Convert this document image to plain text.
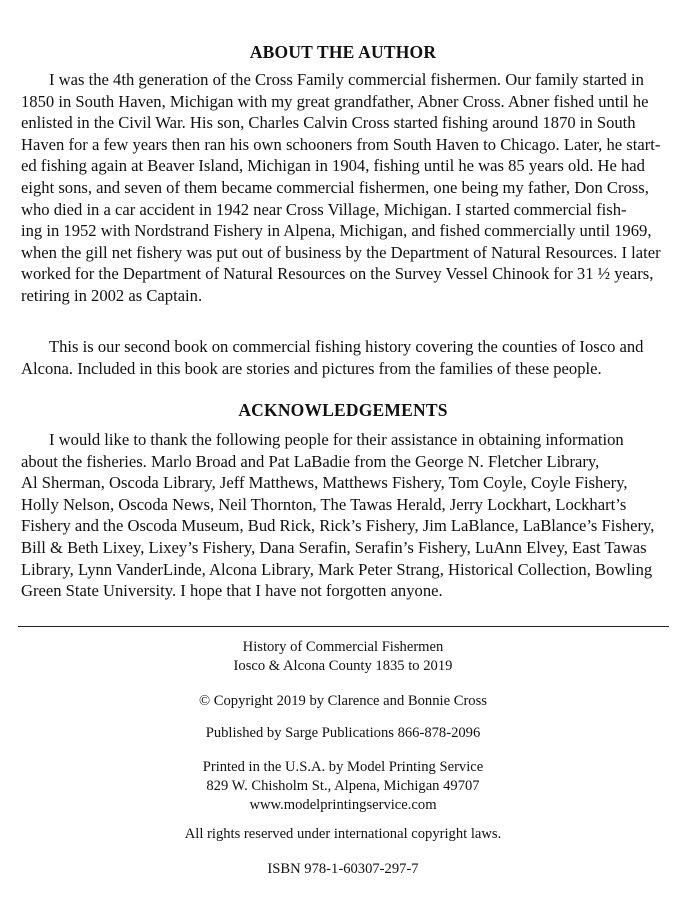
ABOUT THE AUTHOR
I was the 4th generation of the Cross Family commercial fishermen. Our family started in
1850 in South Haven, Michigan with my great grandfather, Abner Cross. Abner fished until he
enlisted in the Civil War. His son, Charles Calvin Cross started fishing around 1870 in South
Haven for a few years then ran his own schooners from South Haven to Chicago. Later, he start-
ed fishing again at Beaver Island, Michigan in 1904, fishing until he was 85 years old. He had
eight sons, and seven of them became commercial fishermen, one being my father, Don Cross,
who died in a car accident in 1942 near Cross Village, Michigan. I started commercial fish-
ing in 1952 with Nordstrand Fishery in Alpena, Michigan, and fished commercially until 1969,
when the gill net fishery was put out of business by the Department of Natural Resources. I later
worked for the Department of Natural Resources on the Survey Vessel Chinook for 31 ½ years,
retiring in 2002 as Captain.
This is our second book on commercial fishing history covering the counties of Iosco and
Alcona. Included in this book are stories and pictures from the families of these people.
ACKNOWLEDGEMENTS
I would like to thank the following people for their assistance in obtaining information
about the fisheries. Marlo Broad and Pat LaBadie from the George N. Fletcher Library,
Al Sherman, Oscoda Library, Jeff Matthews, Matthews Fishery, Tom Coyle, Coyle Fishery,
Holly Nelson, Oscoda News, Neil Thornton, The Tawas Herald, Jerry Lockhart, Lockhart’s
Fishery and the Oscoda Museum, Bud Rick, Rick’s Fishery, Jim LaBlance, LaBlance’s Fishery,
Bill & Beth Lixey, Lixey’s Fishery, Dana Serafin, Serafin’s Fishery, LuAnn Elvey, East Tawas
Library, Lynn VanderLinde, Alcona Library, Mark Peter Strang, Historical Collection, Bowling
Green State University. I hope that I have not forgotten anyone.
History of Commercial Fishermen
Iosco & Alcona County 1835 to 2019
© Copyright 2019 by Clarence and Bonnie Cross
Published by Sarge Publications 866-878-2096
Printed in the U.S.A. by Model Printing Service
829 W. Chisholm St., Alpena, Michigan 49707
www.modelprintingservice.com
All rights reserved under international copyright laws.
ISBN 978-1-60307-297-7
